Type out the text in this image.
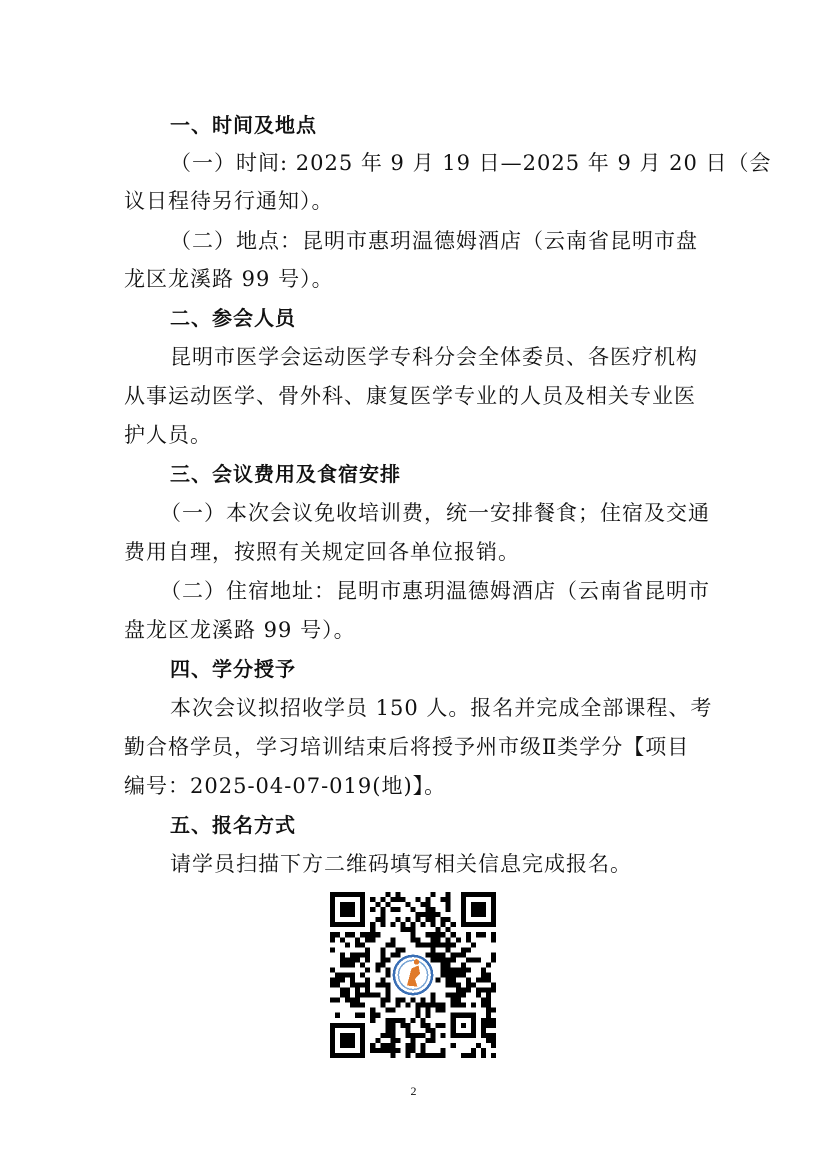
一、时间及地点
（一）时间: 2025 年 9 月 19 日—2025 年 9 月 20 日（会
议日程待另行通知）。
（二）地点：昆明市惠玥温德姆酒店（云南省昆明市盘
龙区龙溪路 99 号）。
二、参会人员
昆明市医学会运动医学专科分会全体委员、各医疗机构
从事运动医学、骨外科、康复医学专业的人员及相关专业医
护人员。
三、会议费用及食宿安排
（一）本次会议免收培训费，统一安排餐食；住宿及交通
费用自理，按照有关规定回各单位报销。
（二）住宿地址：昆明市惠玥温德姆酒店（云南省昆明市
盘龙区龙溪路 99 号）。
四、学分授予
本次会议拟招收学员 150 人。报名并完成全部课程、考
勤合格学员，学习培训结束后将授予州市级Ⅱ类学分【项目
编号：2025-04-07-019(地)】。
五、报名方式
请学员扫描下方二维码填写相关信息完成报名。
2
